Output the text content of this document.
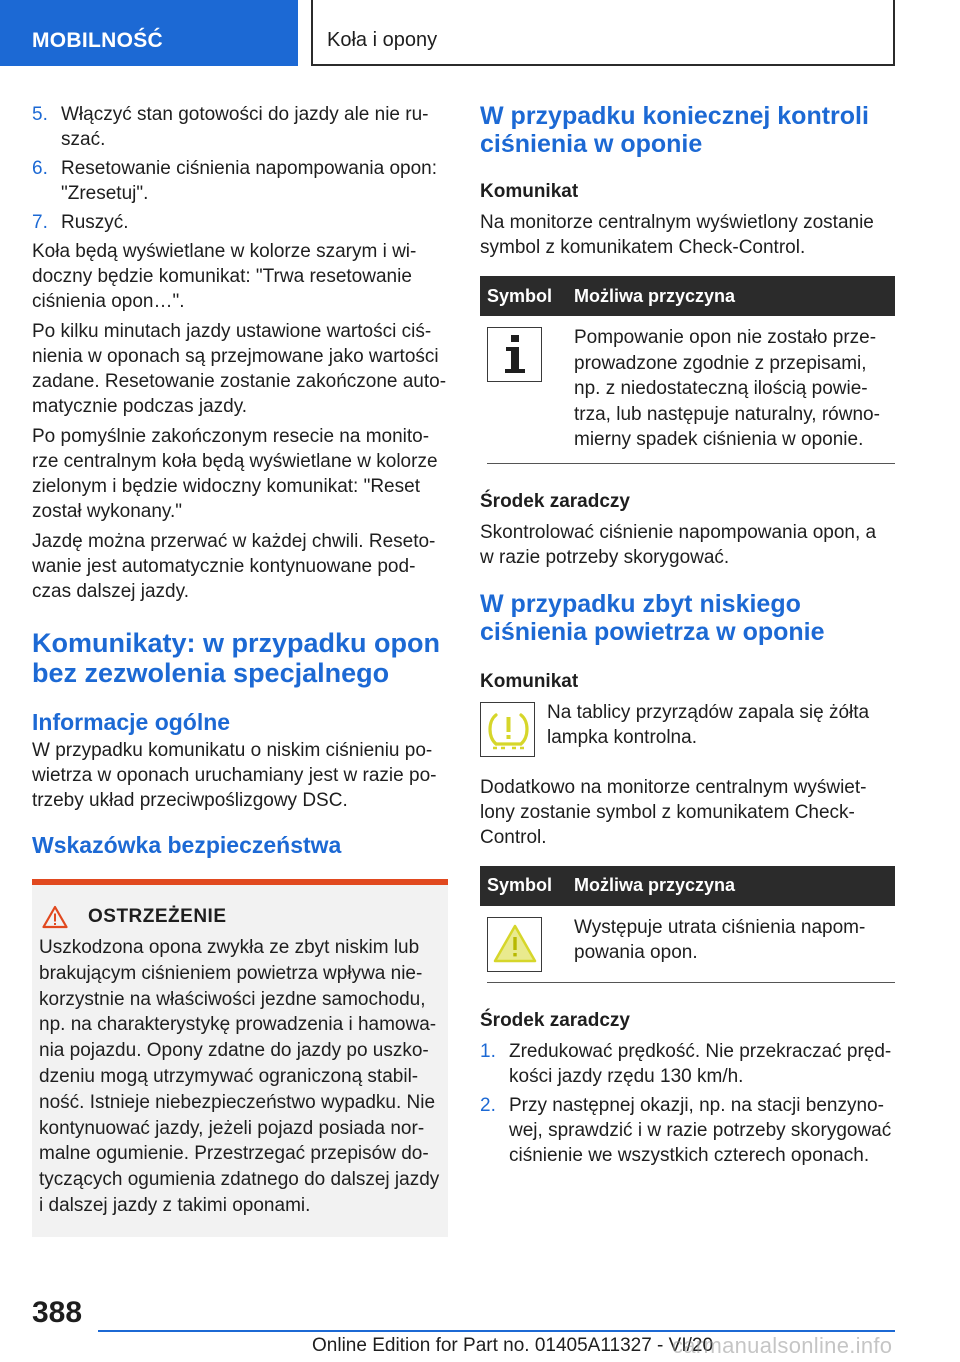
MOBILNOŚĆ	Koła i opony
5. Włączyć stan gotowości do jazdy ale nie ru-szać.
6. Resetowanie ciśnienia napompowania opon: "Zresetuj".
7. Ruszyć.

Koła będą wyświetlane w kolorze szarym i wi-doczny będzie komunikat: "Trwa resetowanie ciśnienia opon…".

Po kilku minutach jazdy ustawione wartości ciś-nienia w oponach są przejmowane jako wartości zadane. Resetowanie zostanie zakończone auto-matycznie podczas jazdy.

Po pomyślnie zakończonym resecie na monito-rze centralnym koła będą wyświetlane w kolorze zielonym i będzie widoczny komunikat: "Reset został wykonany."

Jazdę można przerwać w każdej chwili. Reseto-wanie jest automatycznie kontynuowane pod-czas dalszej jazdy.

Komunikaty: w przypadku opon bez zezwolenia specjalnego
Informacje ogólne

W przypadku komunikatu o niskim ciśnieniu po-wietrza w oponach uruchamiany jest w razie po-trzeby układ przeciwpoślizgowy DSC.

Wskazówka bezpieczeństwa
OSTRZEŻENIE

Uszkodzona opona zwykła ze zbyt niskim lub brakującym ciśnieniem powietrza wpływa nie-korzystnie na właściwości jezdne samochodu, np. na charakterystykę prowadzenia i hamowa-nia pojazdu. Opony zdatne do jazdy po uszko-dzeniu mogą utrzymywać ograniczoną stabil-ność. Istnieje niebezpieczeństwo wypadku. Nie kontynuować jazdy, jeżeli pojazd posiada nor-malne ogumienie. Przestrzegać przepisów do-tyczących ogumienia zdatnego do dalszej jazdy i dalszej jazdy z takimi oponami.

W przypadku koniecznej kontroli ciśnienia w oponie
Komunikat

Na monitorze centralnym wyświetlony zostanie symbol z komunikatem Check-Control.

Symbol	Możliwa przyczyna

Pompowanie opon nie zostało prze-prowadzone zgodnie z przepisami, np. z niedostateczną ilością powie-trza, lub następuje naturalny, równo-mierny spadek ciśnienia w oponie.

Środek zaradczy

Skontrolować ciśnienie napompowania opon, a w razie potrzeby skorygować.

W przypadku zbyt niskiego ciśnienia powietrza w oponie
Komunikat

Na tablicy przyrządów zapala się żółta lampka kontrolna.

Dodatkowo na monitorze centralnym wyświet-lony zostanie symbol z komunikatem Check-Control.

Symbol	Możliwa przyczyna

Występuje utrata ciśnienia napom-powania opon.

Środek zaradczy
1. Zredukować prędkość. Nie przekraczać pręd-kości jazdy rzędu 130 km/h.
2. Przy następnej okazji, np. na stacji benzyno-wej, sprawdzić i w razie potrzeby skorygować ciśnienie we wszystkich czterech oponach.
388
Online Edition for Part no. 01405A11327 - VI/20
carmanualsonline.info
